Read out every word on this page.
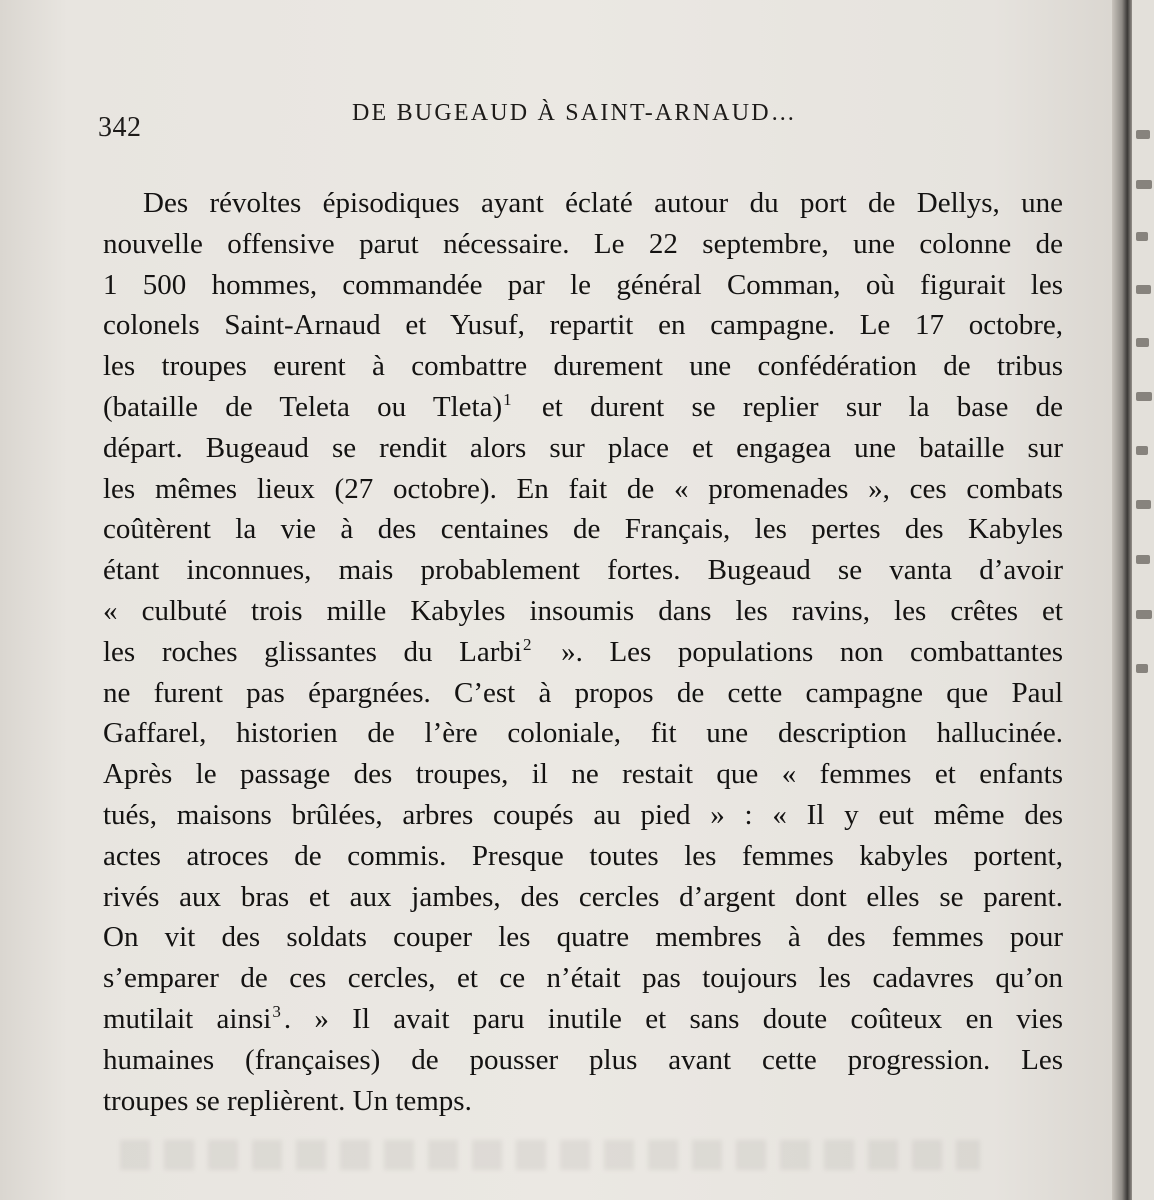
342	DE BUGEAUD À SAINT-ARNAUD…
Des révoltes épisodiques ayant éclaté autour du port de Dellys, une
nouvelle offensive parut nécessaire. Le 22 septembre, une colonne de
1 500 hommes, commandée par le général Comman, où figurait les
colonels Saint-Arnaud et Yusuf, repartit en campagne. Le 17 octobre,
les troupes eurent à combattre durement une confédération de tribus
(bataille de Teleta ou Tleta)$^1$ et durent se replier sur la base de
départ. Bugeaud se rendit alors sur place et engagea une bataille sur
les mêmes lieux (27 octobre). En fait de « promenades », ces combats
coûtèrent la vie à des centaines de Français, les pertes des Kabyles
étant inconnues, mais probablement fortes. Bugeaud se vanta d’avoir
« culbuté trois mille Kabyles insoumis dans les ravins, les crêtes et
les roches glissantes du Larbi$^2$ ». Les populations non combattantes
ne furent pas épargnées. C’est à propos de cette campagne que Paul
Gaffarel, historien de l’ère coloniale, fit une description hallucinée.
Après le passage des troupes, il ne restait que « femmes et enfants
tués, maisons brûlées, arbres coupés au pied » : « Il y eut même des
actes atroces de commis. Presque toutes les femmes kabyles portent,
rivés aux bras et aux jambes, des cercles d’argent dont elles se parent.
On vit des soldats couper les quatre membres à des femmes pour
s’emparer de ces cercles, et ce n’était pas toujours les cadavres qu’on
mutilait ainsi$^3$ . » Il avait paru inutile et sans doute coûteux en vies
humaines (françaises) de pousser plus avant cette progression. Les
troupes se replièrent. Un temps.
